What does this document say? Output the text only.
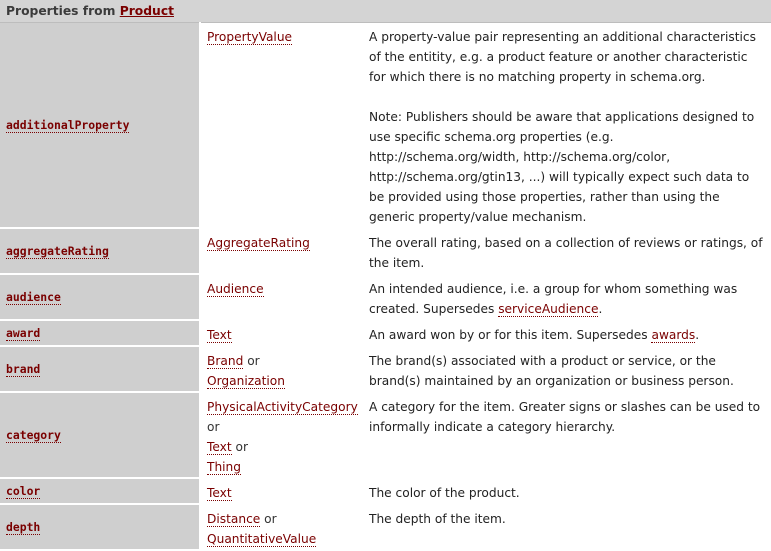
Properties from Product		
additionalProperty	PropertyValue	A property-value pair representing an additional characteristics of the entitity, e.g. a product feature or another characteristic for which there is no matching property in schema.org.
Note: Publishers should be aware that applications designed to use specific schema.org properties (e.g. http://schema.org/width, http://schema.org/color, http://schema.org/gtin13, ...) will typically expect such data to be provided using those properties, rather than using the generic property/value mechanism.

aggregateRating	AggregateRating	The overall rating, based on a collection of reviews or ratings, of the item.
audience	Audience	An intended audience, i.e. a group for whom something was created. Supersedes serviceAudience.
award	Text	An award won by or for this item. Supersedes awards.
brand	Brand or
Organization	The brand(s) associated with a product or service, or the brand(s) maintained by an organization or business person.
category	PhysicalActivityCategory
or
Text or
Thing	A category for the item. Greater signs or slashes can be used to informally indicate a category hierarchy.
color	Text	The color of the product.
depth	Distance or
QuantitativeValue	The depth of the item.
